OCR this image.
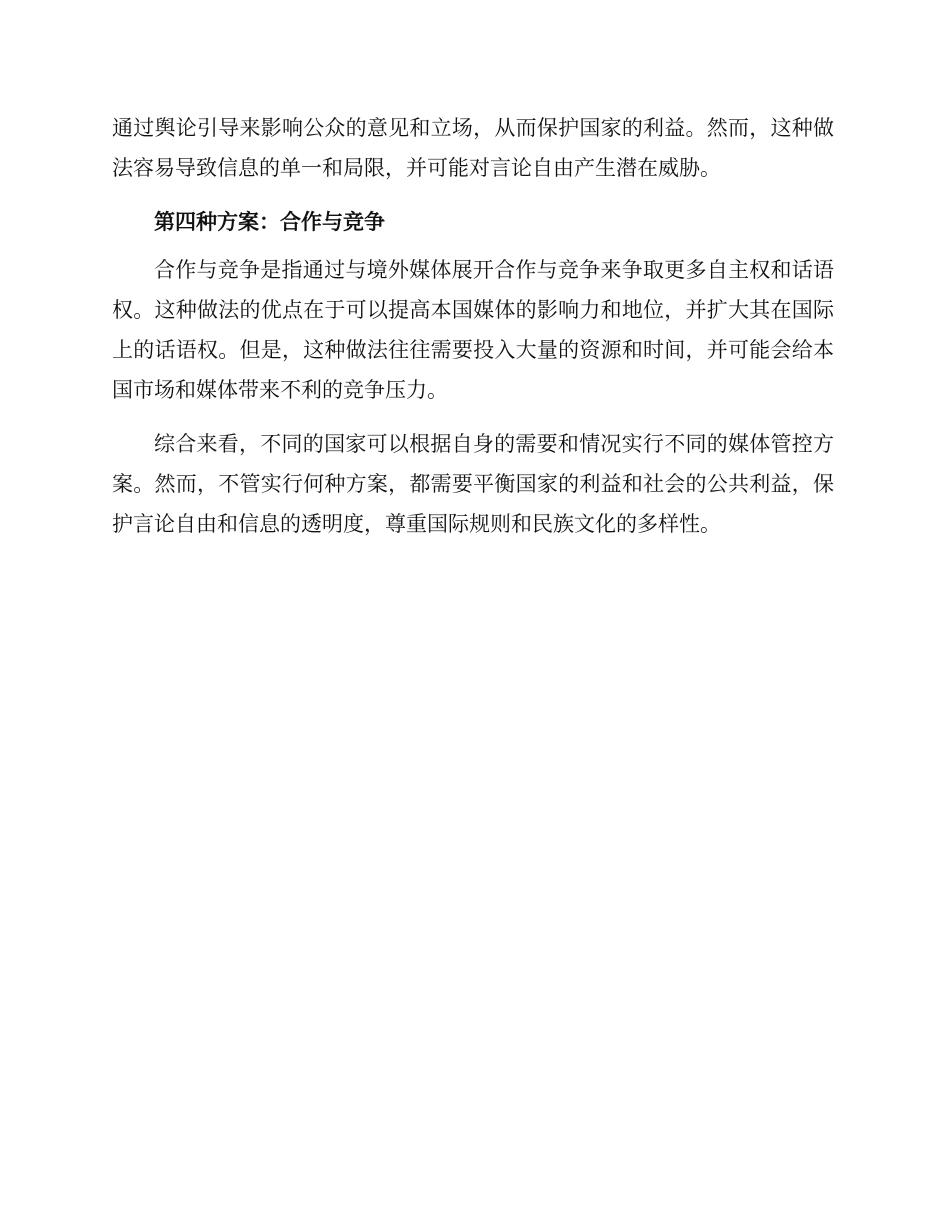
通过舆论引导来影响公众的意见和立场，从而保护国家的利益。然而，这种做法容易导致信息的单一和局限，并可能对言论自由产生潜在威胁。

第四种方案：合作与竞争

合作与竞争是指通过与境外媒体展开合作与竞争来争取更多自主权和话语权。这种做法的优点在于可以提高本国媒体的影响力和地位，并扩大其在国际上的话语权。但是，这种做法往往需要投入大量的资源和时间，并可能会给本国市场和媒体带来不利的竞争压力。

综合来看，不同的国家可以根据自身的需要和情况实行不同的媒体管控方案。然而，不管实行何种方案，都需要平衡国家的利益和社会的公共利益，保护言论自由和信息的透明度，尊重国际规则和民族文化的多样性。
